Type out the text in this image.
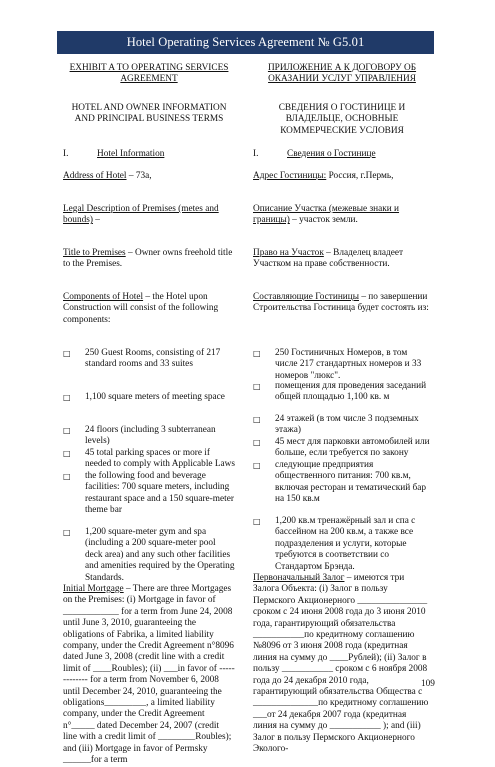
Hotel Operating Services Agreement № G5.01
EXHIBIT A TO OPERATING SERVICES AGREEMENT
HOTEL AND OWNER INFORMATION AND PRINCIPAL BUSINESS TERMS
I.	Hotel Information

Address of Hotel – 73a,

Legal Description of Premises (metes and bounds) –

Title to Premises – Owner owns freehold title to the Premises.

Components of Hotel – the Hotel upon Construction will consist of the following components:

□
250 Guest Rooms, consisting of 217 standard rooms and 33 suites
□
1,100 square meters of meeting space
□
24 floors (including 3 subterranean levels)
□
45 total parking spaces or more if needed to comply with Applicable Laws
□
the following food and beverage facilities: 700 square meters, including restaurant space and a 150 square-meter theme bar
□
1,200 square-meter gym and spa (including a 200 square-meter pool deck area) and any such other facilities and amenities required by the Operating Standards.

Initial Mortgage – There are three Mortgages on the Premises: (i) Mortgage in favor of ____________ for a term from June 24, 2008 until June 3, 2010, guaranteeing the obligations of Fabrika, a limited liability company, under the Credit Agreement n°8096 dated June 3, 2008 (credit line with a credit limit of ____Roubles); (ii) ___in favor of ------------- for a term from November 6, 2008 until December 24, 2010, guaranteeing the obligations_________, a limited liability company, under the Credit Agreement n°_____ dated December 24, 2007 (credit line with a credit limit of ________Roubles); and (iii) Mortgage in favor of Permsky ______for a term

ПРИЛОЖЕНИЕ А К ДОГОВОРУ ОБ ОКАЗАНИИ УСЛУГ УПРАВЛЕНИЯ
СВЕДЕНИЯ О ГОСТИНИЦЕ И ВЛАДЕЛЬЦЕ, ОСНОВНЫЕ КОММЕРЧЕСКИЕ УСЛОВИЯ
I.	Сведения о Гостинице

Адрес Гостиницы: Россия, г.Пермь,

Описание Участка (межевые знаки и границы) – участок земли.

Право на Участок – Владелец владеет Участком на праве собственности.

Составляющие Гостиницы – по завершении Строительства Гостиница будет состоять из:

□
250 Гостиничных Номеров, в том числе 217 стандартных номеров и 33 номеров "люкс".
□
помещения для проведения заседаний общей площадью 1,100 кв. м
□
24 этажей (в том числе 3 подземных этажа)
□
45 мест для парковки автомобилей или больше, если требуется по закону
□
следующие предприятия общественного питания: 700 кв.м, включая ресторан и тематический бар на 150 кв.м
□
1,200 кв.м тренажёрный зал и спа с бассейном на 200 кв.м, а также все подразделения и услуги, которые требуются в соответствии со Стандартом Брэнда.

Первоначальный Залог – имеются три Залога Объекта: (i) Залог в пользу Пермского Акционерного _______________ сроком с 24 июня 2008 года до 3 июня 2010 года, гарантирующий обязательства ___________по кредитному соглашению №8096 от 3 июня 2008 года (кредитная линия на сумму до ____Рублей); (ii) Залог в пользу ___________ сроком с 6 ноября 2008 года до 24 декабря 2010 года, гарантирующий обязательства Общества с ______________по кредитному соглашению ___от 24 декабря 2007 года (кредитная линия на сумму до ___________ ); and (iii) Залог в пользу Пермского Акционерного Эколого-

109
